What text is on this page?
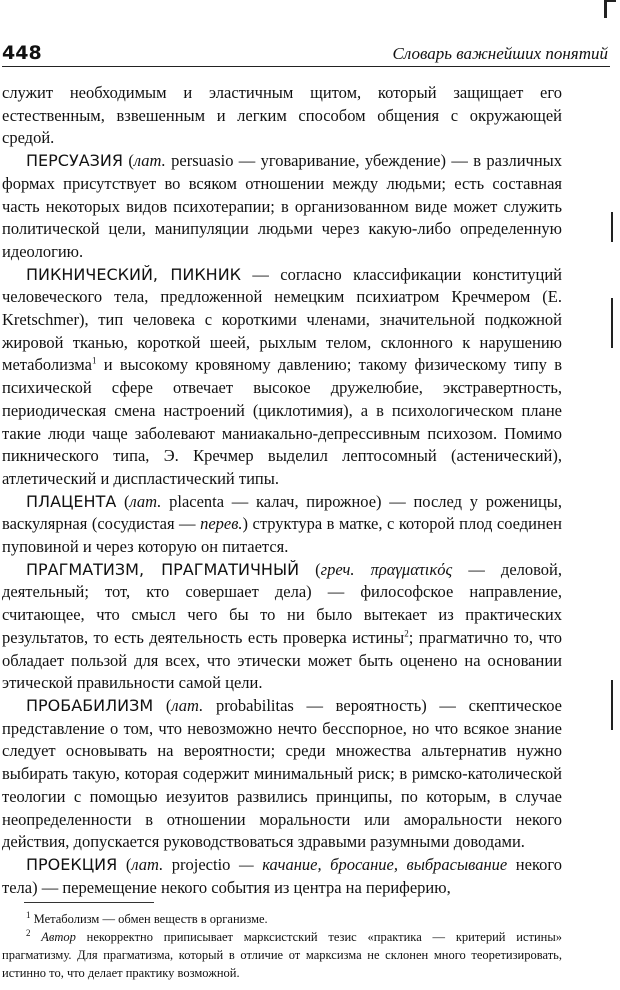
448	Словарь важнейших понятий

служит необходимым и эластичным щитом, который защищает его естественным, взвешенным и легким способом общения с окружающей средой.

ПЕРСУАЗИЯ (лат. persuasio — уговаривание, убеждение) — в различных формах присутствует во всяком отношении между людьми; есть составная часть некоторых видов психотерапии; в организованном виде может служить политической цели, манипуляции людьми через какую-либо определенную идеологию.

ПИКНИЧЕСКИЙ, ПИКНИК — согласно классификации конституций человеческого тела, предложенной немецким психиатром Кречмером (E. Kretschmer), тип человека с короткими членами, значительной подкожной жировой тканью, короткой шеей, рыхлым телом, склонного к нарушению метаболизма$^1$ и высокому кровяному давлению; такому физическому типу в психической сфере отвечает высокое дружелюбие, экстравертность, периодическая смена настроений (циклотимия), а в психологическом плане такие люди чаще заболевают маниакально-депрессивным психозом. Помимо пикнического типа, Э. Кречмер выделил лептосомный (астенический), атлетический и диспластический типы.

ПЛАЦЕНТА (лат. placenta — калач, пирожное) — послед у роженицы, васкулярная (сосудистая — перев.) структура в матке, с которой плод соединен пуповиной и через которую он питается.

ПРАГМАТИЗМ, ПРАГМАТИЧНЫЙ (греч. πραγματικός — деловой, деятельный; тот, кто совершает дела) — философское направление, считающее, что смысл чего бы то ни было вытекает из практических результатов, то есть деятельность есть проверка истины$^2$; прагматично то, что обладает пользой для всех, что этически может быть оценено на основании этической правильности самой цели.

ПРОБАБИЛИЗМ (лат. probabilitas — вероятность) — скептическое представление о том, что невозможно нечто бесспорное, но что всякое знание следует основывать на вероятности; среди множества альтернатив нужно выбирать такую, которая содержит минимальный риск; в римско-католической теологии с помощью иезуитов развились принципы, по которым, в случае неопределенности в отношении моральности или аморальности некого действия, допускается руководствоваться здравыми разумными доводами.

ПРОЕКЦИЯ (лат. projectio — качание, бросание, выбрасывание некого тела) — перемещение некого события из центра на периферию,

$^1$ Метаболизм — обмен веществ в организме.

$^2$ Автор некорректно приписывает марксистский тезис «практика — критерий истины» прагматизму. Для прагматизма, который в отличие от марксизма не склонен много теоретизировать, истинно то, что делает практику возможной.
